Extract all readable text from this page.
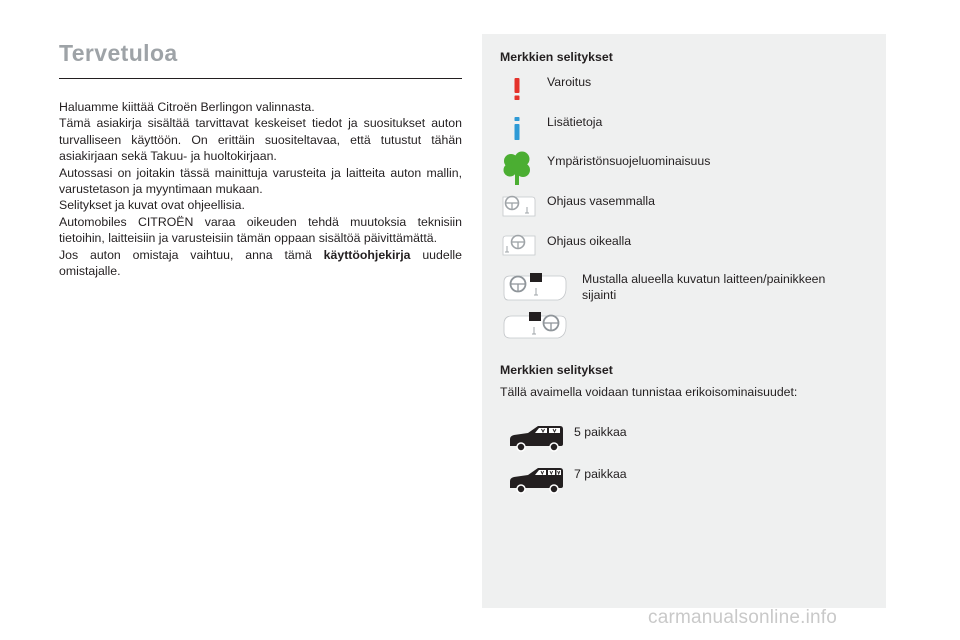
Tervetuloa

Haluamme kiittää Citroën Berlingon valinnasta.

Tämä asiakirja sisältää tarvittavat keskeiset tiedot ja suositukset auton turvalliseen käyttöön. On erittäin suositeltavaa, että tutustut tähän asiakirjaan sekä Takuu- ja huoltokirjaan.

Autossasi on joitakin tässä mainittuja varusteita ja laitteita auton mallin, varustetason ja myyntimaan mukaan.

Selitykset ja kuvat ovat ohjeellisia.

Automobiles CITROËN varaa oikeuden tehdä muutoksia teknisiin tietoihin, laitteisiin ja varusteisiin tämän oppaan sisältöä päivittämättä.

Jos auton omistaja vaihtuu, anna tämä käyttöohjekirja uudelle omistajalle.

Merkkien selitykset
Varoitus
Lisätietoja
Ympäristönsuojeluominaisuus
Ohjaus vasemmalla
Ohjaus oikealla
Mustalla alueella kuvatun laitteen/painikkeen sijainti
Merkkien selitykset
Tällä avaimella voidaan tunnistaa erikoisominaisuudet:
5 paikkaa
7 paikkaa
carmanualsonline.info
